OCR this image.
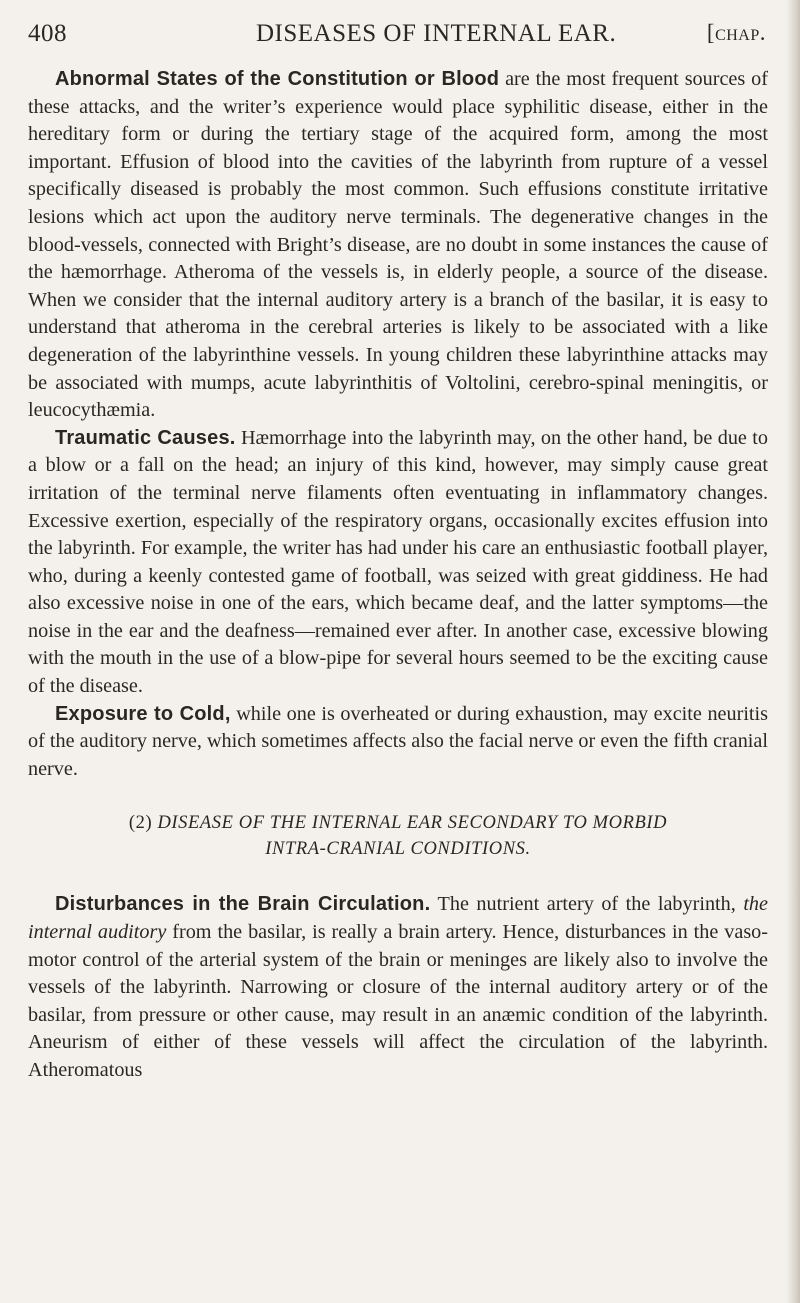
408	DISEASES OF INTERNAL EAR.	[chap.

Abnormal States of the Constitution or Blood are the most frequent sources of these attacks, and the writer’s experience would place syphilitic disease, either in the hereditary form or during the tertiary stage of the acquired form, among the most important. Effusion of blood into the cavities of the labyrinth from rupture of a vessel specifically diseased is probably the most common. Such effusions constitute irritative lesions which act upon the auditory nerve terminals. The degenerative changes in the blood-vessels, connected with Bright’s disease, are no doubt in some instances the cause of the hæmorrhage. Atheroma of the vessels is, in elderly people, a source of the disease. When we consider that the internal auditory artery is a branch of the basilar, it is easy to understand that atheroma in the cerebral arteries is likely to be associated with a like degeneration of the labyrinthine vessels. In young children these labyrinthine attacks may be associated with mumps, acute labyrinthitis of Voltolini, cerebro-spinal meningitis, or leucocythæmia.

Traumatic Causes. Hæmorrhage into the labyrinth may, on the other hand, be due to a blow or a fall on the head; an injury of this kind, however, may simply cause great irritation of the terminal nerve filaments often eventuating in inflammatory changes. Excessive exertion, especially of the respiratory organs, occasionally excites effusion into the labyrinth. For example, the writer has had under his care an enthusiastic football player, who, during a keenly contested game of football, was seized with great giddiness. He had also excessive noise in one of the ears, which became deaf, and the latter symptoms—the noise in the ear and the deafness—remained ever after. In another case, excessive blowing with the mouth in the use of a blow-pipe for several hours seemed to be the exciting cause of the disease.

Exposure to Cold, while one is overheated or during exhaustion, may excite neuritis of the auditory nerve, which sometimes affects also the facial nerve or even the fifth cranial nerve.

(2) DISEASE OF THE INTERNAL EAR SECONDARY TO MORBID
INTRA-CRANIAL CONDITIONS.

Disturbances in the Brain Circulation. The nutrient artery of the labyrinth, the internal auditory from the basilar, is really a brain artery. Hence, disturbances in the vaso-motor control of the arterial system of the brain or meninges are likely also to involve the vessels of the labyrinth. Narrowing or closure of the internal auditory artery or of the basilar, from pressure or other cause, may result in an anæmic condition of the labyrinth. Aneurism of either of these vessels will affect the circulation of the labyrinth. Atheromatous
